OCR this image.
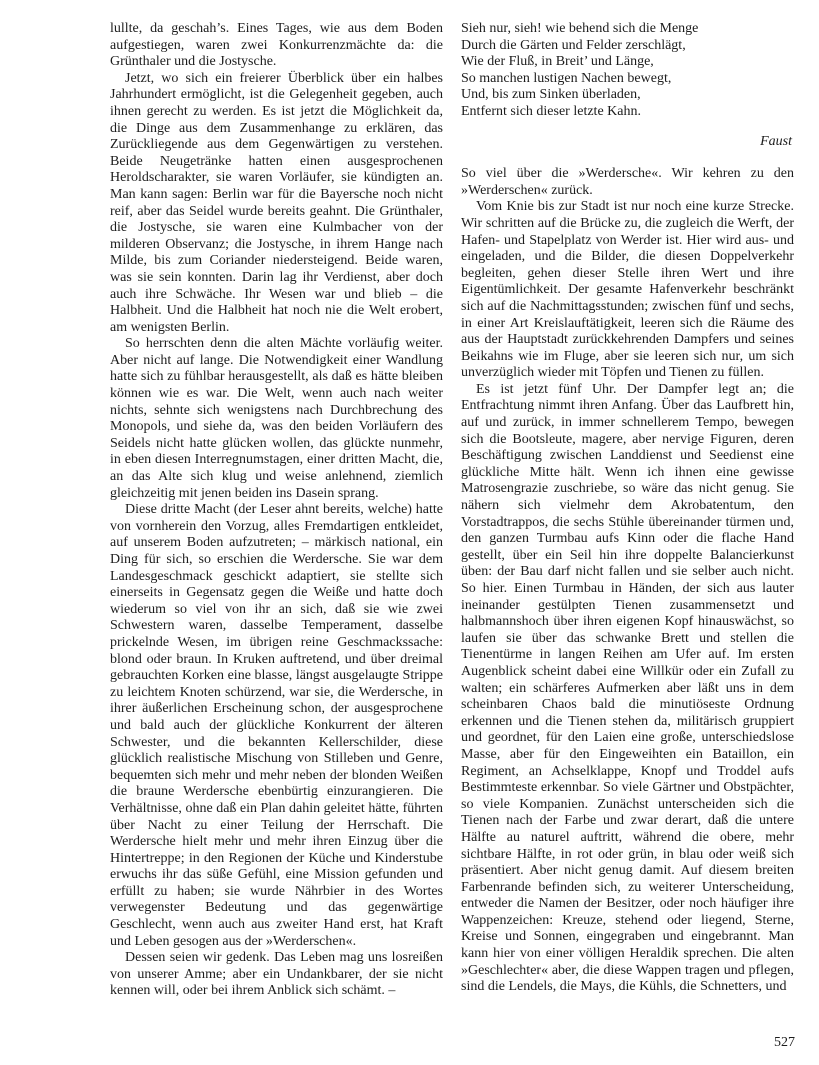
lullte, da geschah’s. Eines Tages, wie aus dem Boden aufgestiegen, waren zwei Konkurrenzmächte da: die Grünthaler und die Jostysche.

Jetzt, wo sich ein freierer Überblick über ein halbes Jahrhundert ermöglicht, ist die Gelegenheit gegeben, auch ihnen gerecht zu werden. Es ist jetzt die Möglichkeit da, die Dinge aus dem Zusammenhange zu erklären, das Zurückliegende aus dem Gegenwärtigen zu verstehen. Beide Neugetränke hatten einen ausgesprochenen Heroldscharakter, sie waren Vorläufer, sie kündigten an. Man kann sagen: Berlin war für die Bayersche noch nicht reif, aber das Seidel wurde bereits geahnt. Die Grünthaler, die Jostysche, sie waren eine Kulmbacher von der milderen Observanz; die Jostysche, in ihrem Hange nach Milde, bis zum Coriander niedersteigend. Beide waren, was sie sein konnten. Darin lag ihr Verdienst, aber doch auch ihre Schwäche. Ihr Wesen war und blieb – die Halbheit. Und die Halbheit hat noch nie die Welt erobert, am wenigsten Berlin.

So herrschten denn die alten Mächte vorläufig weiter. Aber nicht auf lange. Die Notwendigkeit einer Wandlung hatte sich zu fühlbar herausgestellt, als daß es hätte bleiben können wie es war. Die Welt, wenn auch nach weiter nichts, sehnte sich wenigstens nach Durchbrechung des Monopols, und siehe da, was den beiden Vorläufern des Seidels nicht hatte glücken wollen, das glückte nunmehr, in eben diesen Interregnumstagen, einer dritten Macht, die, an das Alte sich klug und weise anlehnend, ziemlich gleichzeitig mit jenen beiden ins Dasein sprang.

Diese dritte Macht (der Leser ahnt bereits, welche) hatte von vornherein den Vorzug, alles Fremdartigen entkleidet, auf unserem Boden aufzutreten; – märkisch national, ein Ding für sich, so erschien die Werdersche. Sie war dem Landesgeschmack geschickt adaptiert, sie stellte sich einerseits in Gegensatz gegen die Weiße und hatte doch wiederum so viel von ihr an sich, daß sie wie zwei Schwestern waren, dasselbe Temperament, dasselbe prickelnde Wesen, im übrigen reine Geschmackssache: blond oder braun. In Kruken auftretend, und über dreimal gebrauchten Korken eine blasse, längst ausgelaugte Strippe zu leichtem Knoten schürzend, war sie, die Werdersche, in ihrer äußerlichen Erscheinung schon, der ausgesprochene und bald auch der glückliche Konkurrent der älteren Schwester, und die bekannten Kellerschilder, diese glücklich realistische Mischung von Stilleben und Genre, bequemten sich mehr und mehr neben der blonden Weißen die braune Werdersche ebenbürtig einzurangieren. Die Verhältnisse, ohne daß ein Plan dahin geleitet hätte, führten über Nacht zu einer Teilung der Herrschaft. Die Werdersche hielt mehr und mehr ihren Einzug über die Hintertreppe; in den Regionen der Küche und Kinderstube erwuchs ihr das süße Gefühl, eine Mission gefunden und erfüllt zu haben; sie wurde Nährbier in des Wortes verwegenster Bedeutung und das gegenwärtige Geschlecht, wenn auch aus zweiter Hand erst, hat Kraft und Leben gesogen aus der »Werderschen«.

Dessen seien wir gedenk. Das Leben mag uns losreißen von unserer Amme; aber ein Undankbarer, der sie nicht kennen will, oder bei ihrem Anblick sich schämt. –

Sieh nur, sieh! wie behend sich die Menge
Durch die Gärten und Felder zerschlägt,
Wie der Fluß, in Breit’ und Länge,
So manchen lustigen Nachen bewegt,
Und, bis zum Sinken überladen,
Entfernt sich dieser letzte Kahn.
Faust

So viel über die »Werdersche«. Wir kehren zu den »Werderschen« zurück.

Vom Knie bis zur Stadt ist nur noch eine kurze Strecke. Wir schritten auf die Brücke zu, die zugleich die Werft, der Hafen- und Stapelplatz von Werder ist. Hier wird aus- und eingeladen, und die Bilder, die diesen Doppelverkehr begleiten, gehen dieser Stelle ihren Wert und ihre Eigentümlichkeit. Der gesamte Hafenverkehr beschränkt sich auf die Nachmittagsstunden; zwischen fünf und sechs, in einer Art Kreislauftätigkeit, leeren sich die Räume des aus der Hauptstadt zurückkehrenden Dampfers und seines Beikahns wie im Fluge, aber sie leeren sich nur, um sich unverzüglich wieder mit Töpfen und Tienen zu füllen.

Es ist jetzt fünf Uhr. Der Dampfer legt an; die Entfrachtung nimmt ihren Anfang. Über das Laufbrett hin, auf und zurück, in immer schnellerem Tempo, bewegen sich die Bootsleute, magere, aber nervige Figuren, deren Beschäftigung zwischen Landdienst und Seedienst eine glückliche Mitte hält. Wenn ich ihnen eine gewisse Matrosengrazie zuschriebe, so wäre das nicht genug. Sie nähern sich vielmehr dem Akrobatentum, den Vorstadtrappos, die sechs Stühle übereinander türmen und, den ganzen Turmbau aufs Kinn oder die flache Hand gestellt, über ein Seil hin ihre doppelte Balancierkunst üben: der Bau darf nicht fallen und sie selber auch nicht. So hier. Einen Turmbau in Händen, der sich aus lauter ineinander gestülpten Tienen zusammensetzt und halbmannshoch über ihren eigenen Kopf hinauswächst, so laufen sie über das schwanke Brett und stellen die Tienentürme in langen Reihen am Ufer auf. Im ersten Augenblick scheint dabei eine Willkür oder ein Zufall zu walten; ein schärferes Aufmerken aber läßt uns in dem scheinbaren Chaos bald die minutiöseste Ordnung erkennen und die Tienen stehen da, militärisch gruppiert und geordnet, für den Laien eine große, unterschiedslose Masse, aber für den Eingeweihten ein Bataillon, ein Regiment, an Achselklappe, Knopf und Troddel aufs Bestimmteste erkennbar. So viele Gärtner und Obstpächter, so viele Kompanien. Zunächst unterscheiden sich die Tienen nach der Farbe und zwar derart, daß die untere Hälfte au naturel auftritt, während die obere, mehr sichtbare Hälfte, in rot oder grün, in blau oder weiß sich präsentiert. Aber nicht genug damit. Auf diesem breiten Farbenrande befinden sich, zu weiterer Unterscheidung, entweder die Namen der Besitzer, oder noch häufiger ihre Wappenzeichen: Kreuze, stehend oder liegend, Sterne, Kreise und Sonnen, eingegraben und eingebrannt. Man kann hier von einer völligen Heraldik sprechen. Die alten »Geschlechter« aber, die diese Wappen tragen und pflegen, sind die Lendels, die Mays, die Kühls, die Schnetters, und

527
